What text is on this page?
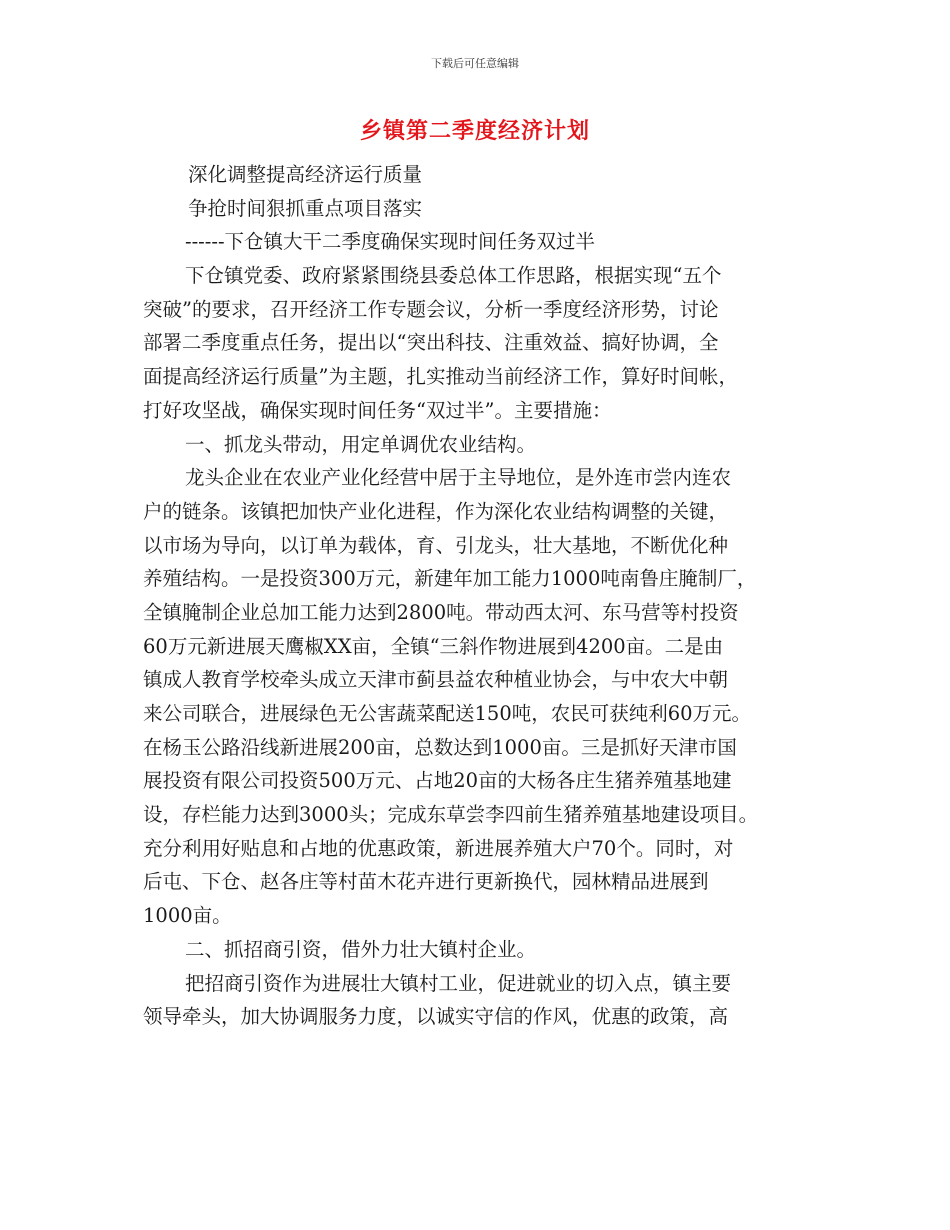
下载后可任意编辑
乡镇第二季度经济计划
深化调整提高经济运行质量
争抢时间狠抓重点项目落实
------下仓镇大干二季度确保实现时间任务双过半
下仓镇党委、政府紧紧围绕县委总体工作思路，根据实现“五个
突破”的要求，召开经济工作专题会议，分析一季度经济形势，讨论
部署二季度重点任务，提出以“突出科技、注重效益、搞好协调，全
面提高经济运行质量”为主题，扎实推动当前经济工作，算好时间帐，
打好攻坚战，确保实现时间任务“双过半”。主要措施：
一、抓龙头带动，用定单调优农业结构。
龙头企业在农业产业化经营中居于主导地位，是外连市尝内连农
户的链条。该镇把加快产业化进程，作为深化农业结构调整的关键，
以市场为导向，以订单为载体，育、引龙头，壮大基地，不断优化种
养殖结构。一是投资300万元，新建年加工能力1000吨南鲁庄腌制厂，
全镇腌制企业总加工能力达到2800吨。带动西太河、东马营等村投资
60万元新进展天鹰椒XX亩，全镇“三斜作物进展到4200亩。二是由
镇成人教育学校牵头成立天津市蓟县益农种植业协会，与中农大中朝
来公司联合，进展绿色无公害蔬菜配送150吨，农民可获纯利60万元。
在杨玉公路沿线新进展200亩，总数达到1000亩。三是抓好天津市国
展投资有限公司投资500万元、占地20亩的大杨各庄生猪养殖基地建
设，存栏能力达到3000头；完成东草尝李四前生猪养殖基地建设项目。
充分利用好贴息和占地的优惠政策，新进展养殖大户70个。同时，对
后屯、下仓、赵各庄等村苗木花卉进行更新换代，园林精品进展到
1000亩。
二、抓招商引资，借外力壮大镇村企业。
把招商引资作为进展壮大镇村工业，促进就业的切入点，镇主要
领导牵头，加大协调服务力度，以诚实守信的作风，优惠的政策，高
